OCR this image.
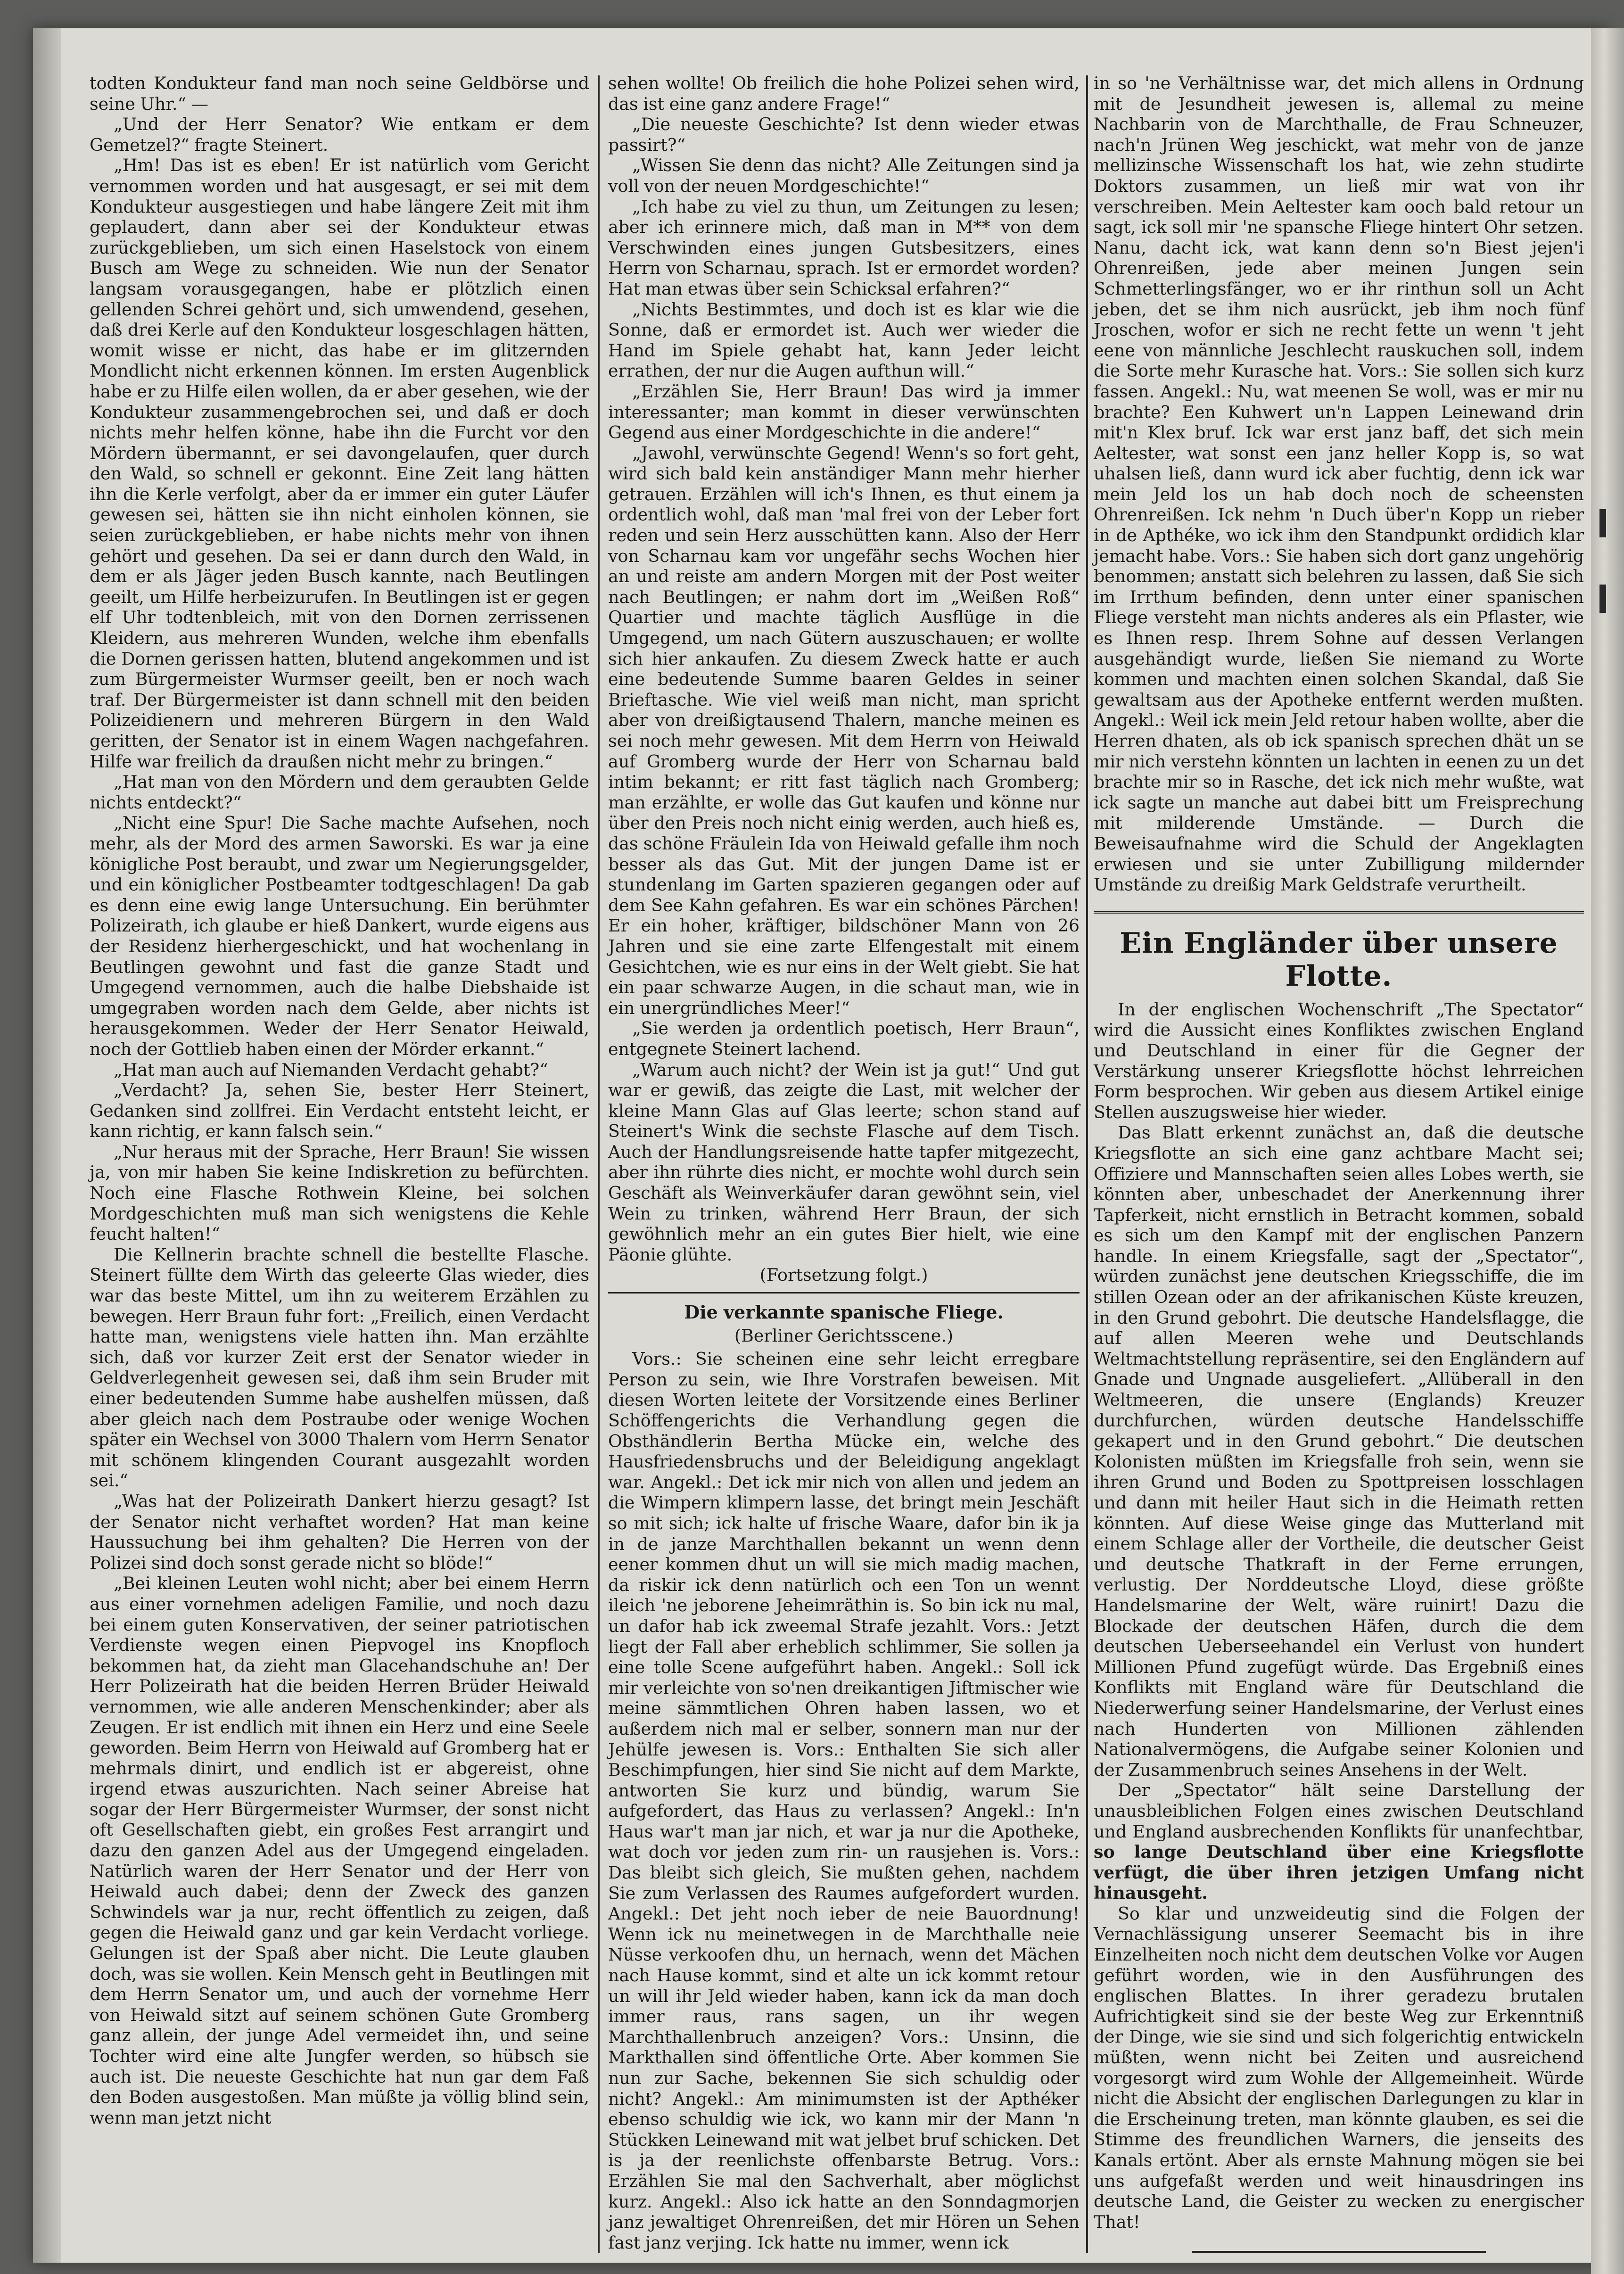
todten Kondukteur fand man noch seine Geldbörse und seine Uhr.“ —

„Und der Herr Senator? Wie entkam er dem Gemetzel?“ fragte Steinert.

„Hm! Das ist es eben! Er ist natürlich vom Gericht vernommen worden und hat ausgesagt, er sei mit dem Kondukteur ausgestiegen und habe längere Zeit mit ihm geplaudert, dann aber sei der Kondukteur etwas zurückgeblieben, um sich einen Haselstock von einem Busch am Wege zu schneiden. Wie nun der Senator langsam vorausgegangen, habe er plötzlich einen gellenden Schrei gehört und, sich umwendend, gesehen, daß drei Kerle auf den Kondukteur losgeschlagen hätten, womit wisse er nicht, das habe er im glitzernden Mondlicht nicht erkennen können. Im ersten Augenblick habe er zu Hilfe eilen wollen, da er aber gesehen, wie der Kondukteur zusammengebrochen sei, und daß er doch nichts mehr helfen könne, habe ihn die Furcht vor den Mördern übermannt, er sei davongelaufen, quer durch den Wald, so schnell er gekonnt. Eine Zeit lang hätten ihn die Kerle verfolgt, aber da er immer ein guter Läufer gewesen sei, hätten sie ihn nicht einholen können, sie seien zurückgeblieben, er habe nichts mehr von ihnen gehört und gesehen. Da sei er dann durch den Wald, in dem er als Jäger jeden Busch kannte, nach Beutlingen geeilt, um Hilfe herbeizurufen. In Beutlingen ist er gegen elf Uhr todtenbleich, mit von den Dornen zerrissenen Kleidern, aus mehreren Wunden, welche ihm ebenfalls die Dornen gerissen hatten, blutend angekommen und ist zum Bürgermeister Wurmser geeilt, ben er noch wach traf. Der Bürgermeister ist dann schnell mit den beiden Polizeidienern und mehreren Bürgern in den Wald geritten, der Senator ist in einem Wagen nachgefahren. Hilfe war freilich da draußen nicht mehr zu bringen.“

„Hat man von den Mördern und dem geraubten Gelde nichts entdeckt?“

„Nicht eine Spur! Die Sache machte Aufsehen, noch mehr, als der Mord des armen Saworski. Es war ja eine königliche Post beraubt, und zwar um Negierungsgelder, und ein königlicher Postbeamter todtgeschlagen! Da gab es denn eine ewig lange Untersuchung. Ein berühmter Polizeirath, ich glaube er hieß Dankert, wurde eigens aus der Residenz hierhergeschickt, und hat wochenlang in Beutlingen gewohnt und fast die ganze Stadt und Umgegend vernommen, auch die halbe Diebshaide ist umgegraben worden nach dem Gelde, aber nichts ist herausgekommen. Weder der Herr Senator Heiwald, noch der Gottlieb haben einen der Mörder erkannt.“

„Hat man auch auf Niemanden Verdacht gehabt?“

„Verdacht? Ja, sehen Sie, bester Herr Steinert, Gedanken sind zollfrei. Ein Verdacht entsteht leicht, er kann richtig, er kann falsch sein.“

„Nur heraus mit der Sprache, Herr Braun! Sie wissen ja, von mir haben Sie keine Indiskretion zu befürchten. Noch eine Flasche Rothwein Kleine, bei solchen Mordgeschichten muß man sich wenigstens die Kehle feucht halten!“

Die Kellnerin brachte schnell die bestellte Flasche. Steinert füllte dem Wirth das geleerte Glas wieder, dies war das beste Mittel, um ihn zu weiterem Erzählen zu bewegen. Herr Braun fuhr fort: „Freilich, einen Verdacht hatte man, wenigstens viele hatten ihn. Man erzählte sich, daß vor kurzer Zeit erst der Senator wieder in Geldverlegenheit gewesen sei, daß ihm sein Bruder mit einer bedeutenden Summe habe aushelfen müssen, daß aber gleich nach dem Postraube oder wenige Wochen später ein Wechsel von 3000 Thalern vom Herrn Senator mit schönem klingenden Courant ausgezahlt worden sei.“

„Was hat der Polizeirath Dankert hierzu gesagt? Ist der Senator nicht verhaftet worden? Hat man keine Haussuchung bei ihm gehalten? Die Herren von der Polizei sind doch sonst gerade nicht so blöde!“

„Bei kleinen Leuten wohl nicht; aber bei einem Herrn aus einer vornehmen adeligen Familie, und noch dazu bei einem guten Konservativen, der seiner patriotischen Verdienste wegen einen Piepvogel ins Knopfloch bekommen hat, da zieht man Glacehandschuhe an! Der Herr Polizeirath hat die beiden Herren Brüder Heiwald vernommen, wie alle anderen Menschenkinder; aber als Zeugen. Er ist endlich mit ihnen ein Herz und eine Seele geworden. Beim Herrn von Heiwald auf Gromberg hat er mehrmals dinirt, und endlich ist er abgereist, ohne irgend etwas auszurichten. Nach seiner Abreise hat sogar der Herr Bürgermeister Wurmser, der sonst nicht oft Gesellschaften giebt, ein großes Fest arrangirt und dazu den ganzen Adel aus der Umgegend eingeladen. Natürlich waren der Herr Senator und der Herr von Heiwald auch dabei; denn der Zweck des ganzen Schwindels war ja nur, recht öffentlich zu zeigen, daß gegen die Heiwald ganz und gar kein Verdacht vorliege. Gelungen ist der Spaß aber nicht. Die Leute glauben doch, was sie wollen. Kein Mensch geht in Beutlingen mit dem Herrn Senator um, und auch der vornehme Herr von Heiwald sitzt auf seinem schönen Gute Gromberg ganz allein, der junge Adel vermeidet ihn, und seine Tochter wird eine alte Jungfer werden, so hübsch sie auch ist. Die neueste Geschichte hat nun gar dem Faß den Boden ausgestoßen. Man müßte ja völlig blind sein, wenn man jetzt nicht

sehen wollte! Ob freilich die hohe Polizei sehen wird, das ist eine ganz andere Frage!“

„Die neueste Geschichte? Ist denn wieder etwas passirt?“

„Wissen Sie denn das nicht? Alle Zeitungen sind ja voll von der neuen Mordgeschichte!“

„Ich habe zu viel zu thun, um Zeitungen zu lesen; aber ich erinnere mich, daß man in M** von dem Verschwinden eines jungen Gutsbesitzers, eines Herrn von Scharnau, sprach. Ist er ermordet worden? Hat man etwas über sein Schicksal erfahren?“

„Nichts Bestimmtes, und doch ist es klar wie die Sonne, daß er ermordet ist. Auch wer wieder die Hand im Spiele gehabt hat, kann Jeder leicht errathen, der nur die Augen aufthun will.“

„Erzählen Sie, Herr Braun! Das wird ja immer interessanter; man kommt in dieser verwünschten Gegend aus einer Mordgeschichte in die andere!“

„Jawohl, verwünschte Gegend! Wenn's so fort geht, wird sich bald kein anständiger Mann mehr hierher getrauen. Erzählen will ich's Ihnen, es thut einem ja ordentlich wohl, daß man 'mal frei von der Leber fort reden und sein Herz ausschütten kann. Also der Herr von Scharnau kam vor ungefähr sechs Wochen hier an und reiste am andern Morgen mit der Post weiter nach Beutlingen; er nahm dort im „Weißen Roß“ Quartier und machte täglich Ausflüge in die Umgegend, um nach Gütern auszuschauen; er wollte sich hier ankaufen. Zu diesem Zweck hatte er auch eine bedeutende Summe baaren Geldes in seiner Brieftasche. Wie viel weiß man nicht, man spricht aber von dreißigtausend Thalern, manche meinen es sei noch mehr gewesen. Mit dem Herrn von Heiwald auf Gromberg wurde der Herr von Scharnau bald intim bekannt; er ritt fast täglich nach Gromberg; man erzählte, er wolle das Gut kaufen und könne nur über den Preis noch nicht einig werden, auch hieß es, das schöne Fräulein Ida von Heiwald gefalle ihm noch besser als das Gut. Mit der jungen Dame ist er stundenlang im Garten spazieren gegangen oder auf dem See Kahn gefahren. Es war ein schönes Pärchen! Er ein hoher, kräftiger, bildschöner Mann von 26 Jahren und sie eine zarte Elfengestalt mit einem Gesichtchen, wie es nur eins in der Welt giebt. Sie hat ein paar schwarze Augen, in die schaut man, wie in ein unergründliches Meer!“

„Sie werden ja ordentlich poetisch, Herr Braun“, entgegnete Steinert lachend.

„Warum auch nicht? der Wein ist ja gut!“ Und gut war er gewiß, das zeigte die Last, mit welcher der kleine Mann Glas auf Glas leerte; schon stand auf Steinert's Wink die sechste Flasche auf dem Tisch. Auch der Handlungsreisende hatte tapfer mitgezecht, aber ihn rührte dies nicht, er mochte wohl durch sein Geschäft als Weinverkäufer daran gewöhnt sein, viel Wein zu trinken, während Herr Braun, der sich gewöhnlich mehr an ein gutes Bier hielt, wie eine Päonie glühte.

(Fortsetzung folgt.)

Die verkannte spanische Fliege.
(Berliner Gerichtsscene.)

Vors.: Sie scheinen eine sehr leicht erregbare Person zu sein, wie Ihre Vorstrafen beweisen. Mit diesen Worten leitete der Vorsitzende eines Berliner Schöffengerichts die Verhandlung gegen die Obsthändlerin Bertha Mücke ein, welche des Hausfriedensbruchs und der Beleidigung angeklagt war. Angekl.: Det ick mir nich von allen und jedem an die Wimpern klimpern lasse, det bringt mein Jeschäft so mit sich; ick halte uf frische Waare, dafor bin ik ja in de janze Marchthallen bekannt un wenn denn eener kommen dhut un will sie mich madig machen, da riskir ick denn natürlich och een Ton un wennt ileich 'ne jeborene Jeheimräthin is. So bin ick nu mal, un dafor hab ick zweemal Strafe jezahlt. Vors.: Jetzt liegt der Fall aber erheblich schlimmer, Sie sollen ja eine tolle Scene aufgeführt haben. Angekl.: Soll ick mir verleichte von so'nen dreikantigen Jiftmischer wie meine sämmtlichen Ohren haben lassen, wo et außerdem nich mal er selber, sonnern man nur der Jehülfe jewesen is. Vors.: Enthalten Sie sich aller Beschimpfungen, hier sind Sie nicht auf dem Markte, antworten Sie kurz und bündig, warum Sie aufgefordert, das Haus zu verlassen? Angekl.: In'n Haus war't man jar nich, et war ja nur die Apotheke, wat doch vor jeden zum rin- un rausjehen is. Vors.: Das bleibt sich gleich, Sie mußten gehen, nachdem Sie zum Verlassen des Raumes aufgefordert wurden. Angekl.: Det jeht noch ieber de neie Bauordnung! Wenn ick nu meinetwegen in de Marchthalle neie Nüsse verkoofen dhu, un hernach, wenn det Mächen nach Hause kommt, sind et alte un ick kommt retour un will ihr Jeld wieder haben, kann ick da man doch immer raus, rans sagen, un ihr wegen Marchthallenbruch anzeigen? Vors.: Unsinn, die Markthallen sind öffentliche Orte. Aber kommen Sie nun zur Sache, bekennen Sie sich schuldig oder nicht? Angekl.: Am minimumsten ist der Apthéker ebenso schuldig wie ick, wo kann mir der Mann 'n Stückken Leinewand mit wat jelbet bruf schicken. Det is ja der reenlichste offenbarste Betrug. Vors.: Erzählen Sie mal den Sachverhalt, aber möglichst kurz. Angekl.: Also ick hatte an den Sonndagmorjen janz jewaltiget Ohrenreißen, det mir Hören un Sehen fast janz verjing. Ick hatte nu immer, wenn ick

in so 'ne Verhältnisse war, det mich allens in Ordnung mit de Jesundheit jewesen is, allemal zu meine Nachbarin von de Marchthalle, de Frau Schneuzer, nach'n Jrünen Weg jeschickt, wat mehr von de janze mellizinsche Wissenschaft los hat, wie zehn studirte Doktors zusammen, un ließ mir wat von ihr verschreiben. Mein Aeltester kam ooch bald retour un sagt, ick soll mir 'ne spansche Fliege hintert Ohr setzen. Nanu, dacht ick, wat kann denn so'n Biest jejen'i Ohrenreißen, jede aber meinen Jungen sein Schmetterlingsfänger, wo er ihr rinthun soll un Acht jeben, det se ihm nich ausrückt, jeb ihm noch fünf Jroschen, wofor er sich ne recht fette un wenn 't jeht eene von männliche Jeschlecht rauskuchen soll, indem die Sorte mehr Kurasche hat. Vors.: Sie sollen sich kurz fassen. Angekl.: Nu, wat meenen Se woll, was er mir nu brachte? Een Kuhwert un'n Lappen Leinewand drin mit'n Klex bruf. Ick war erst janz baff, det sich mein Aeltester, wat sonst een janz heller Kopp is, so wat uhalsen ließ, dann wurd ick aber fuchtig, denn ick war mein Jeld los un hab doch noch de scheensten Ohrenreißen. Ick nehm 'n Duch über'n Kopp un rieber in de Apthéke, wo ick ihm den Standpunkt ordidich klar jemacht habe. Vors.: Sie haben sich dort ganz ungehörig benommen; anstatt sich belehren zu lassen, daß Sie sich im Irrthum befinden, denn unter einer spanischen Fliege versteht man nichts anderes als ein Pflaster, wie es Ihnen resp. Ihrem Sohne auf dessen Verlangen ausgehändigt wurde, ließen Sie niemand zu Worte kommen und machten einen solchen Skandal, daß Sie gewaltsam aus der Apotheke entfernt werden mußten. Angekl.: Weil ick mein Jeld retour haben wollte, aber die Herren dhaten, als ob ick spanisch sprechen dhät un se mir nich verstehn könnten un lachten in eenen zu un det brachte mir so in Rasche, det ick nich mehr wußte, wat ick sagte un manche aut dabei bitt um Freisprechung mit milderende Umstände. — Durch die Beweisaufnahme wird die Schuld der Angeklagten erwiesen und sie unter Zubilligung mildernder Umstände zu dreißig Mark Geldstrafe verurtheilt.

Ein Engländer über unsere Flotte.

In der englischen Wochenschrift „The Spectator“ wird die Aussicht eines Konfliktes zwischen England und Deutschland in einer für die Gegner der Verstärkung unserer Kriegsflotte höchst lehrreichen Form besprochen. Wir geben aus diesem Artikel einige Stellen auszugsweise hier wieder.

Das Blatt erkennt zunächst an, daß die deutsche Kriegsflotte an sich eine ganz achtbare Macht sei; Offiziere und Mannschaften seien alles Lobes werth, sie könnten aber, unbeschadet der Anerkennung ihrer Tapferkeit, nicht ernstlich in Betracht kommen, sobald es sich um den Kampf mit der englischen Panzern handle. In einem Kriegsfalle, sagt der „Spectator“, würden zunächst jene deutschen Kriegsschiffe, die im stillen Ozean oder an der afrikanischen Küste kreuzen, in den Grund gebohrt. Die deutsche Handelsflagge, die auf allen Meeren wehe und Deutschlands Weltmachtstellung repräsentire, sei den Engländern auf Gnade und Ungnade ausgeliefert. „Allüberall in den Weltmeeren, die unsere (Englands) Kreuzer durchfurchen, würden deutsche Handelsschiffe gekapert und in den Grund gebohrt.“ Die deutschen Kolonisten müßten im Kriegsfalle froh sein, wenn sie ihren Grund und Boden zu Spottpreisen losschlagen und dann mit heiler Haut sich in die Heimath retten könnten. Auf diese Weise ginge das Mutterland mit einem Schlage aller der Vortheile, die deutscher Geist und deutsche Thatkraft in der Ferne errungen, verlustig. Der Norddeutsche Lloyd, diese größte Handelsmarine der Welt, wäre ruinirt! Dazu die Blockade der deutschen Häfen, durch die dem deutschen Ueberseehandel ein Verlust von hundert Millionen Pfund zugefügt würde. Das Ergebniß eines Konflikts mit England wäre für Deutschland die Niederwerfung seiner Handelsmarine, der Verlust eines nach Hunderten von Millionen zählenden Nationalvermögens, die Aufgabe seiner Kolonien und der Zusammenbruch seines Ansehens in der Welt.

Der „Spectator“ hält seine Darstellung der unausbleiblichen Folgen eines zwischen Deutschland und England ausbrechenden Konflikts für unanfechtbar, so lange Deutschland über eine Kriegsflotte verfügt, die über ihren jetzigen Umfang nicht hinausgeht.

So klar und unzweideutig sind die Folgen der Vernachlässigung unserer Seemacht bis in ihre Einzelheiten noch nicht dem deutschen Volke vor Augen geführt worden, wie in den Ausführungen des englischen Blattes. In ihrer geradezu brutalen Aufrichtigkeit sind sie der beste Weg zur Erkenntniß der Dinge, wie sie sind und sich folgerichtig entwickeln müßten, wenn nicht bei Zeiten und ausreichend vorgesorgt wird zum Wohle der Allgemeinheit. Würde nicht die Absicht der englischen Darlegungen zu klar in die Erscheinung treten, man könnte glauben, es sei die Stimme des freundlichen Warners, die jenseits des Kanals ertönt. Aber als ernste Mahnung mögen sie bei uns aufgefaßt werden und weit hinausdringen ins deutsche Land, die Geister zu wecken zu energischer That!
